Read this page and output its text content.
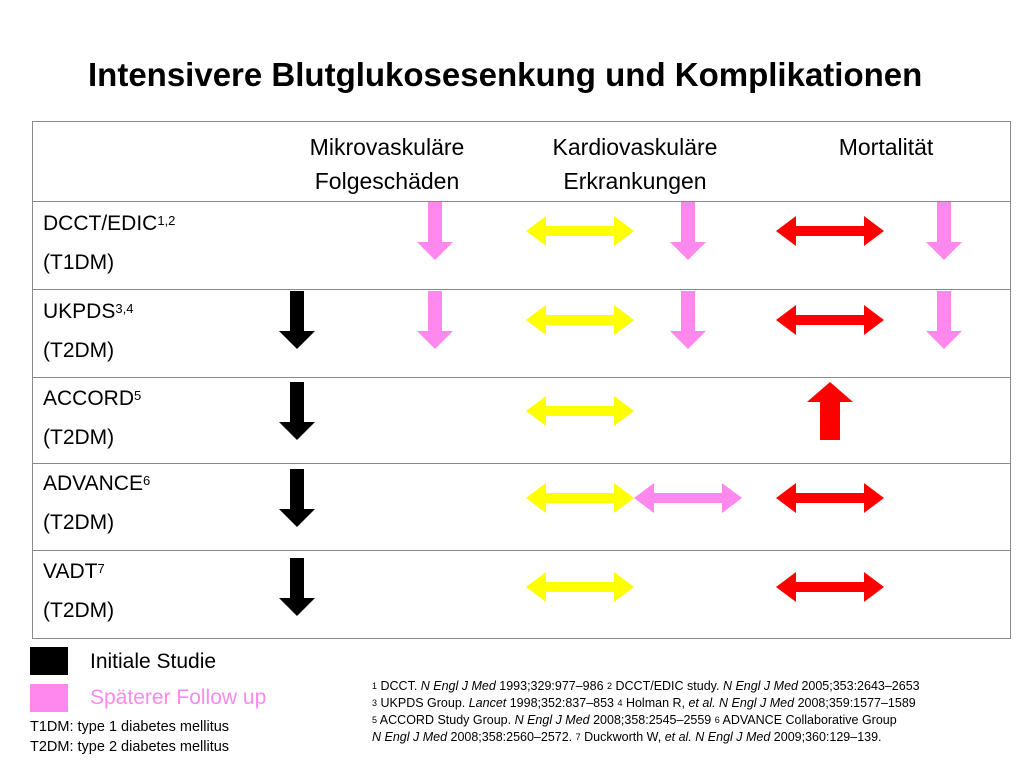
Intensivere Blutglukosesenkung und Komplikationen
Mikrovaskuläre
Folgeschäden
Kardiovaskuläre
Erkrankungen
Mortalität
DCCT/EDIC$^{1,2}$
(T1DM)
UKPDS$^{3,4}$
(T2DM)
ACCORD$^5$
(T2DM)
ADVANCE$^6$
(T2DM)
VADT$^7$
(T2DM)
Initiale Studie
Späterer Follow up
T1DM: type 1 diabetes mellitus
T2DM: type 2 diabetes mellitus
$^1$ DCCT. N Engl J Med 1993;329:977–986 $^2$ DCCT/EDIC study. N Engl J Med 2005;353:2643–2653
$^3$ UKPDS Group. Lancet 1998;352:837–853 $^4$ Holman R, et al. N Engl J Med 2008;359:1577–1589
$^5$ ACCORD Study Group. N Engl J Med 2008;358:2545–2559 $^6$ ADVANCE Collaborative Group
N Engl J Med 2008;358:2560–2572. $^7$ Duckworth W, et al. N Engl J Med 2009;360:129–139.
